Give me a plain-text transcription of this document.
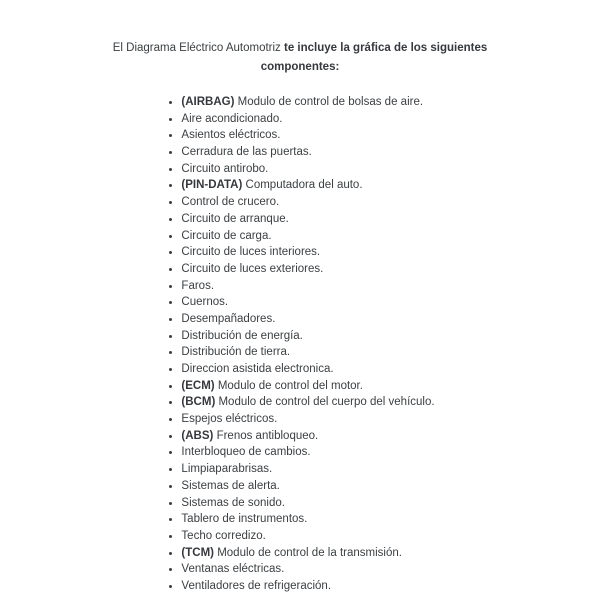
El Diagrama Eléctrico Automotriz te incluye la gráfica de los siguientes componentes:

• (AIRBAG) Modulo de control de bolsas de aire.
• Aire acondicionado.
• Asientos eléctricos.
• Cerradura de las puertas.
• Circuito antirobo.
• (PIN-DATA) Computadora del auto.
• Control de crucero.
• Circuito de arranque.
• Circuito de carga.
• Circuito de luces interiores.
• Circuito de luces exteriores.
• Faros.
• Cuernos.
• Desempañadores.
• Distribución de energía.
• Distribución de tierra.
• Direccion asistida electronica.
• (ECM) Modulo de control del motor.
• (BCM) Modulo de control del cuerpo del vehículo.
• Espejos eléctricos.
• (ABS) Frenos antibloqueo.
• Interbloqueo de cambios.
• Limpiaparabrisas.
• Sistemas de alerta.
• Sistemas de sonido.
• Tablero de instrumentos.
• Techo corredizo.
• (TCM) Modulo de control de la transmisión.
• Ventanas eléctricas.
• Ventiladores de refrigeración.
